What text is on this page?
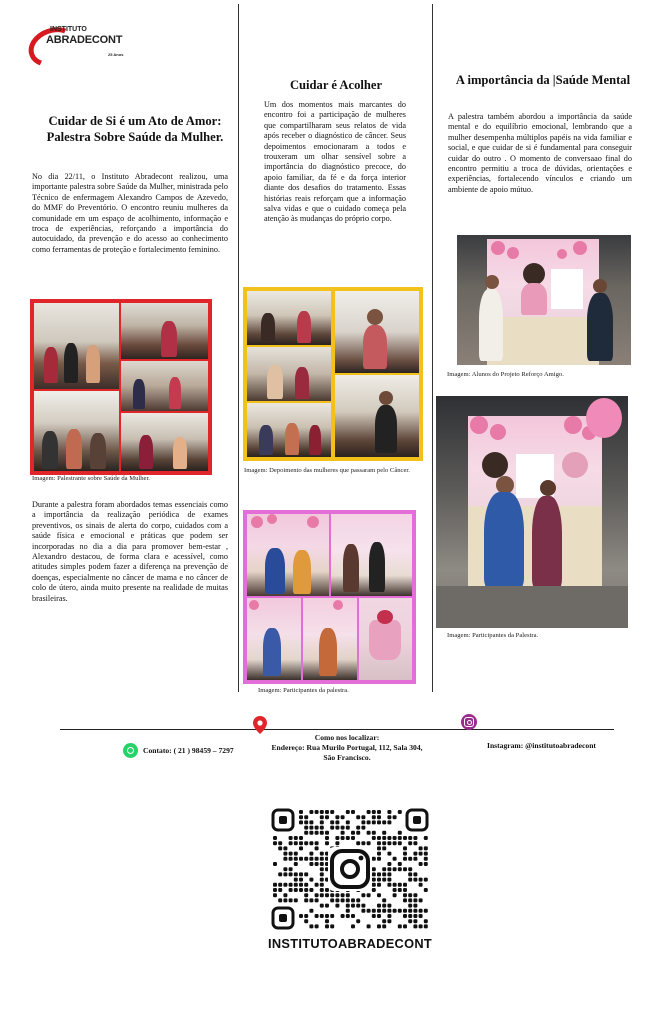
INSTITUTO
ABRADECONT
25 Anos
Cuidar de Si é um Ato de Amor: Palestra Sobre Saúde da Mulher.

No dia 22/11, o Instituto Abradecont realizou, uma importante palestra sobre Saúde da Mulher, ministrada pelo Técnico de enfermagem Alexandro Campos de Azevedo, do MMF do Preventório. O encontro reuniu mulheres da comunidade em um espaço de acolhimento, informação e troca de experiências, reforçando a importância do autocuidado, da prevenção e do acesso ao conhecimento como ferramentas de proteção e fortalecimento feminino.

Imagem: Palestrante sobre Saúde da Mulher.

Durante a palestra foram abordados temas essenciais como a importância da realização periódica de exames preventivos, os sinais de alerta do corpo, cuidados com a saúde física e emocional e práticas que podem ser incorporadas no dia a dia para promover bem-estar , Alexandro destacou, de forma clara e acessível, como atitudes simples podem fazer a diferença na prevenção de doenças, especialmente no câncer de mama e no câncer de colo de útero, ainda muito presente na realidade de muitas brasileiras.

Cuidar é Acolher

Um dos momentos mais marcantes do encontro foi a participação de mulheres que compartilharam seus relatos de vida após receber o diagnóstico de câncer. Seus depoimentos emocionaram a todos e trouxeram um olhar sensível sobre a importância do diagnóstico precoce, do apoio familiar, da fé e da força interior diante dos desafios do tratamento. Essas histórias reais reforçam que a informação salva vidas e que o cuidado começa pela atenção às mudanças do próprio corpo.

Imagem: Depoimento das mulheres que passaram pelo Câncer.
Imagem: Participantes da palestra.
A importância da |Saúde Mental

A palestra também abordou a importância da saúde mental e do equilíbrio emocional, lembrando que a mulher desempenha múltiplos papéis na vida familiar e social, e que cuidar de si é fundamental para conseguir cuidar do outro . O momento de conversaao final do encontro permitiu a troca de dúvidas, orientações e experiências, fortalecendo vínculos e criando um ambiente de apoio mútuo.

Imagem: Alunos do Projeto Reforço Amigo.
Imagem: Participantes da Palestra.
Contato: ( 21 ) 98459 – 7297
Como nos localizar:
Endereço: Rua Murilo Portugal, 112, Sala 304, São Francisco.
Instagram: @institutoabradecont
INSTITUTOABRADECONT
